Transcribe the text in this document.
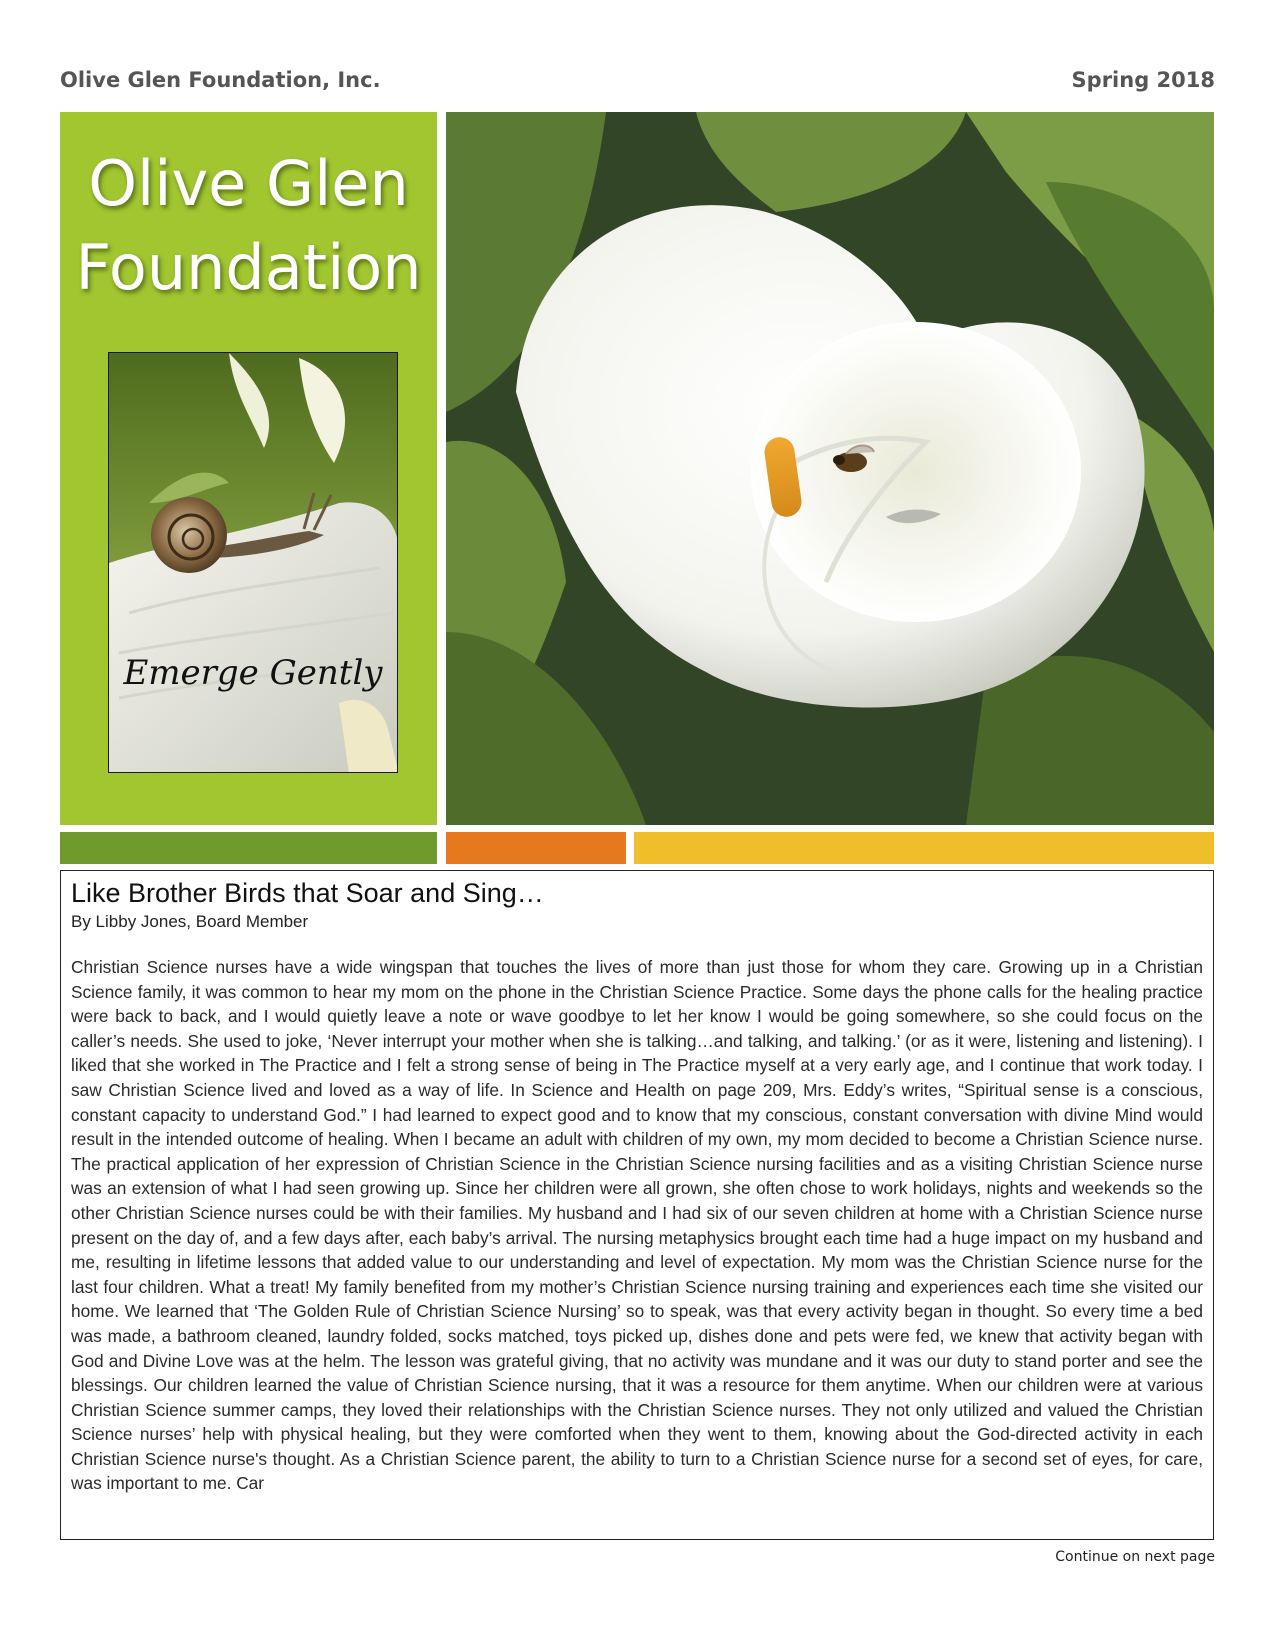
Olive Glen Foundation, Inc.	Spring 2018
Olive Glen
Foundation
Emerge Gently
Like Brother Birds that Soar and Sing…
By Libby Jones, Board Member
Christian Science nurses have a wide wingspan that touches the lives of more than just those for whom they care. Growing up in a Christian Science family, it was common to hear my mom on the phone in the Christian Science Practice. Some days the phone calls for the healing practice were back to back, and I would quietly leave a note or wave goodbye to let her know I would be going somewhere, so she could focus on the caller’s needs. She used to joke, ‘Never interrupt your mother when she is talking…and talking, and talking.’ (or as it were, listening and listening). I liked that she worked in The Practice and I felt a strong sense of being in The Practice myself at a very early age, and I continue that work today. I saw Christian Science lived and loved as a way of life. In Science and Health on page 209, Mrs. Eddy’s writes, “Spiritual sense is a conscious, constant capacity to understand God.” I had learned to expect good and to know that my conscious, constant conversation with divine Mind would result in the intended outcome of healing. When I became an adult with children of my own, my mom decided to become a Christian Science nurse. The practical application of her expression of Christian Science in the Christian Science nursing facilities and as a visiting Christian Science nurse was an extension of what I had seen growing up. Since her children were all grown, she often chose to work holidays, nights and weekends so the other Christian Science nurses could be with their families. My husband and I had six of our seven children at home with a Christian Science nurse present on the day of, and a few days after, each baby’s arrival. The nursing metaphysics brought each time had a huge impact on my husband and me, resulting in lifetime lessons that added value to our understanding and level of expectation. My mom was the Christian Science nurse for the last four children. What a treat! My family benefited from my mother’s Christian Science nursing training and experiences each time she visited our home. We learned that ‘The Golden Rule of Christian Science Nursing’ so to speak, was that every activity began in thought. So every time a bed was made, a bathroom cleaned, laundry folded, socks matched, toys picked up, dishes done and pets were fed, we knew that activity began with God and Divine Love was at the helm. The lesson was grateful giving, that no activity was mundane and it was our duty to stand porter and see the blessings. Our children learned the value of Christian Science nursing, that it was a resource for them anytime. When our children were at various Christian Science summer camps, they loved their relationships with the Christian Science nurses. They not only utilized and valued the Christian Science nurses’ help with physical healing, but they were comforted when they went to them, knowing about the God-directed activity in each Christian Science nurse's thought. As a Christian Science parent, the ability to turn to a Christian Science nurse for a second set of eyes, for care, was important to me. Car
Continue on next page
